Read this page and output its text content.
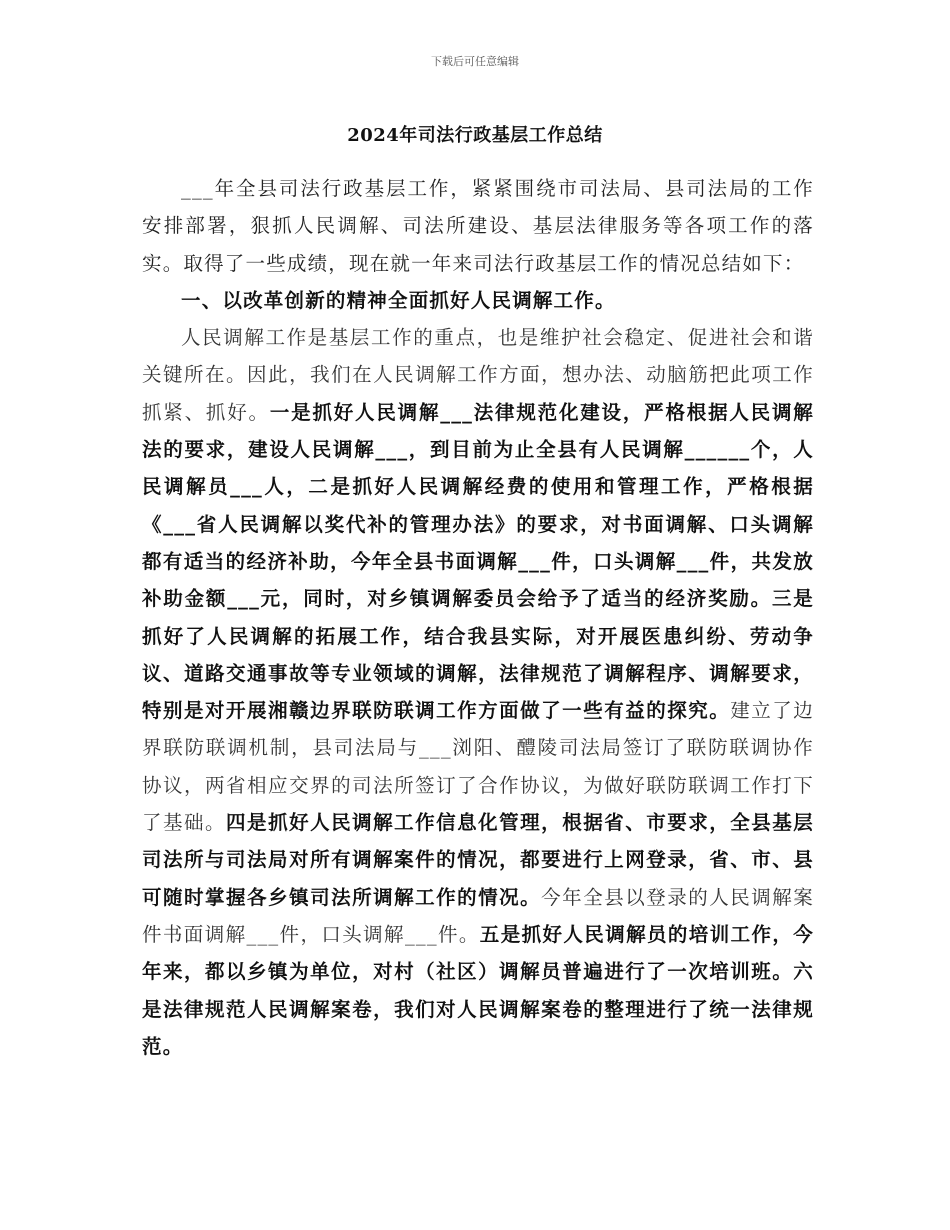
下载后可任意编辑
2024年司法行政基层工作总结

___年全县司法行政基层工作，紧紧围绕市司法局、县司法局的工作安排部署，狠抓人民调解、司法所建设、基层法律服务等各项工作的落实。取得了一些成绩，现在就一年来司法行政基层工作的情况总结如下：

一、以改革创新的精神全面抓好人民调解工作。

人民调解工作是基层工作的重点，也是维护社会稳定、促进社会和谐关键所在。因此，我们在人民调解工作方面，想办法、动脑筋把此项工作抓紧、抓好。一是抓好人民调解___法律规范化建设，严格根据人民调解法的要求，建设人民调解___，到目前为止全县有人民调解______个，人民调解员___人，二是抓好人民调解经费的使用和管理工作，严格根据《___省人民调解以奖代补的管理办法》的要求，对书面调解、口头调解都有适当的经济补助，今年全县书面调解___件，口头调解___件，共发放补助金额___元，同时，对乡镇调解委员会给予了适当的经济奖励。三是抓好了人民调解的拓展工作，结合我县实际，对开展医患纠纷、劳动争议、道路交通事故等专业领域的调解，法律规范了调解程序、调解要求，特别是对开展湘赣边界联防联调工作方面做了一些有益的探究。建立了边界联防联调机制，县司法局与___浏阳、醴陵司法局签订了联防联调协作协议，两省相应交界的司法所签订了合作协议，为做好联防联调工作打下了基础。四是抓好人民调解工作信息化管理，根据省、市要求，全县基层司法所与司法局对所有调解案件的情况，都要进行上网登录，省、市、县可随时掌握各乡镇司法所调解工作的情况。今年全县以登录的人民调解案件书面调解___件，口头调解___件。五是抓好人民调解员的培训工作，今年来，都以乡镇为单位，对村（社区）调解员普遍进行了一次培训班。六是法律规范人民调解案卷，我们对人民调解案卷的整理进行了统一法律规范。
